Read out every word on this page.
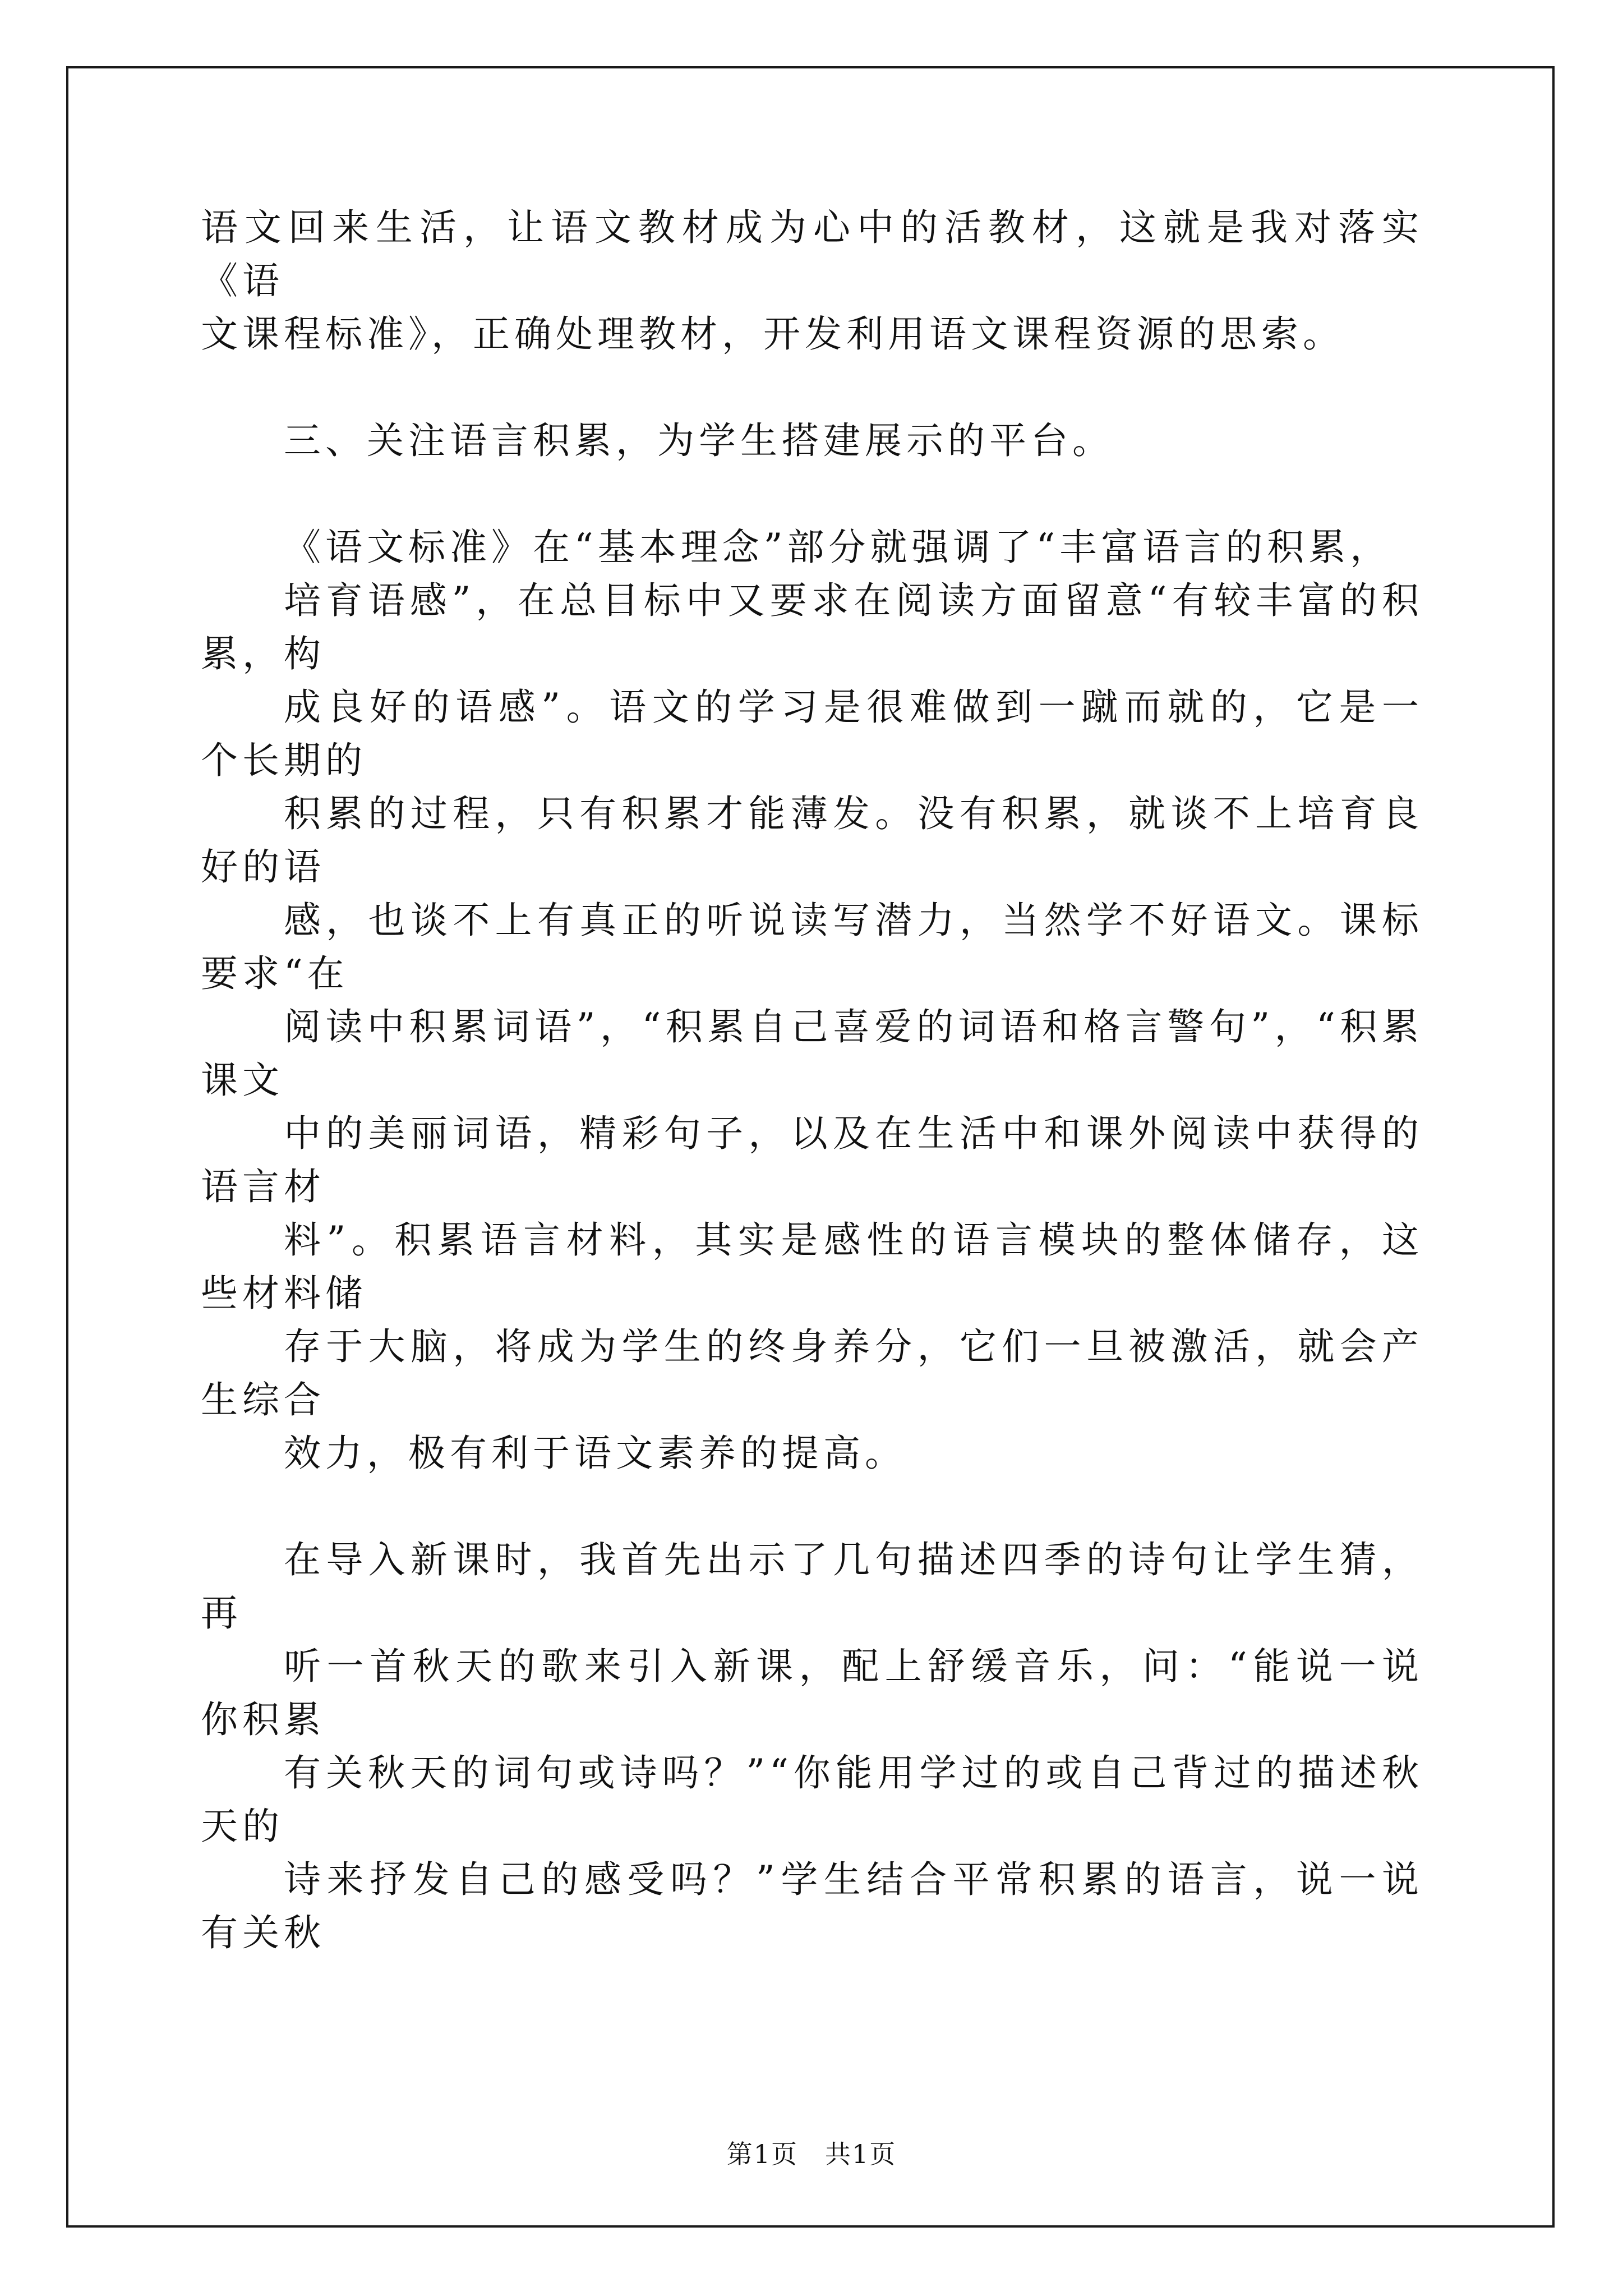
语文回来生活，让语文教材成为心中的活教材，这就是我对落实《语
文课程标准》，正确处理教材，开发利用语文课程资源的思索。

三、关注语言积累，为学生搭建展示的平台。

《语文标准》在“基本理念”部分就强调了“丰富语言的积累，
培育语感”，在总目标中又要求在阅读方面留意“有较丰富的积累，构
成良好的语感”。语文的学习是很难做到一蹴而就的，它是一个长期的
积累的过程，只有积累才能薄发。没有积累，就谈不上培育良好的语
感，也谈不上有真正的听说读写潜力，当然学不好语文。课标要求“在
阅读中积累词语”，“积累自己喜爱的词语和格言警句”，“积累课文
中的美丽词语，精彩句子，以及在生活中和课外阅读中获得的语言材
料”。积累语言材料，其实是感性的语言模块的整体储存，这些材料储
存于大脑，将成为学生的终身养分，它们一旦被激活，就会产生综合
效力，极有利于语文素养的提高。

在导入新课时，我首先出示了几句描述四季的诗句让学生猜，再
听一首秋天的歌来引入新课，配上舒缓音乐，问：“能说一说你积累
有关秋天的词句或诗吗？”“你能用学过的或自己背过的描述秋天的
诗来抒发自己的感受吗？”学生结合平常积累的语言，说一说有关秋

第1页　共1页
